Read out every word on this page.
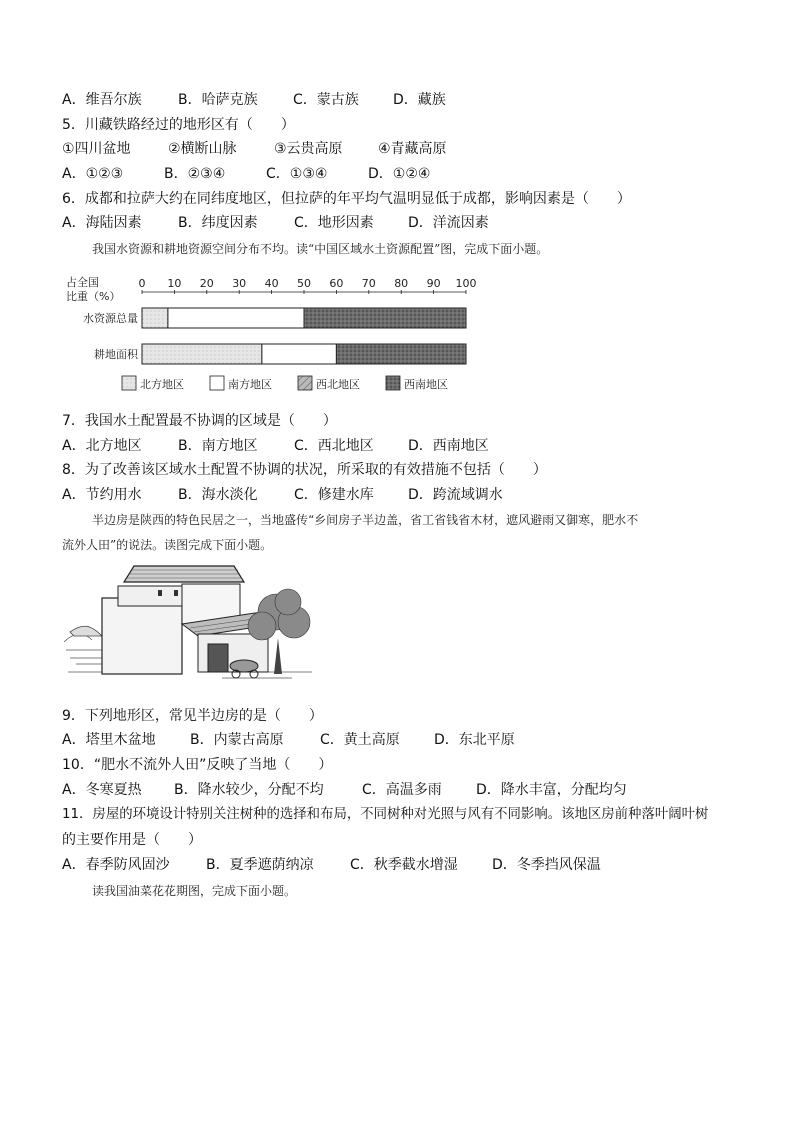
A．维吾尔族	B．哈萨克族	C．蒙古族 D．藏族
5．川藏铁路经过的地形区有（　　）
①四川盆地	②横断山脉	③云贵高原	④青藏高原
A．①②③	B．②③④	C．①③④	D．①②④
6．成都和拉萨大约在同纬度地区，但拉萨的年平均气温明显低于成都，影响因素是（　　）
A．海陆因素	B．纬度因素	C．地形因素 D．洋流因素
我国水资源和耕地资源空间分布不均。读“中国区域水土资源配置”图，完成下面小题。
占全国
比重（%）
0 10 20 30 40 50 60 70 80 90 100
水资源总量
耕地面积
北方地区	南方地区	西北地区	西南地区
7．我国水土配置最不协调的区域是（　　）
A．北方地区	B．南方地区	C．西北地区 D．西南地区
8．为了改善该区域水土配置不协调的状况，所采取的有效措施不包括（　　）
A．节约用水	B．海水淡化	C．修建水库 D．跨流域调水
半边房是陕西的特色民居之一，当地盛传“乡间房子半边盖，省工省钱省木材，遮风避雨又御寒，肥水不
流外人田”的说法。读图完成下面小题。
9．下列地形区，常见半边房的是（　　）
A．塔里木盆地 B．内蒙古高原	C．黄土高原 D．东北平原
10．“肥水不流外人田”反映了当地（　　）
A．冬寒夏热 B．降水较少，分配不均	C．高温多雨 D．降水丰富，分配均匀
11．房屋的环境设计特别关注树种的选择和布局，不同树种对光照与风有不同影响。该地区房前种落叶阔叶树
的主要作用是（　　）
A．春季防风固沙	B．夏季遮荫纳凉	C．秋季截水增湿 D．冬季挡风保温
读我国油菜花花期图，完成下面小题。
